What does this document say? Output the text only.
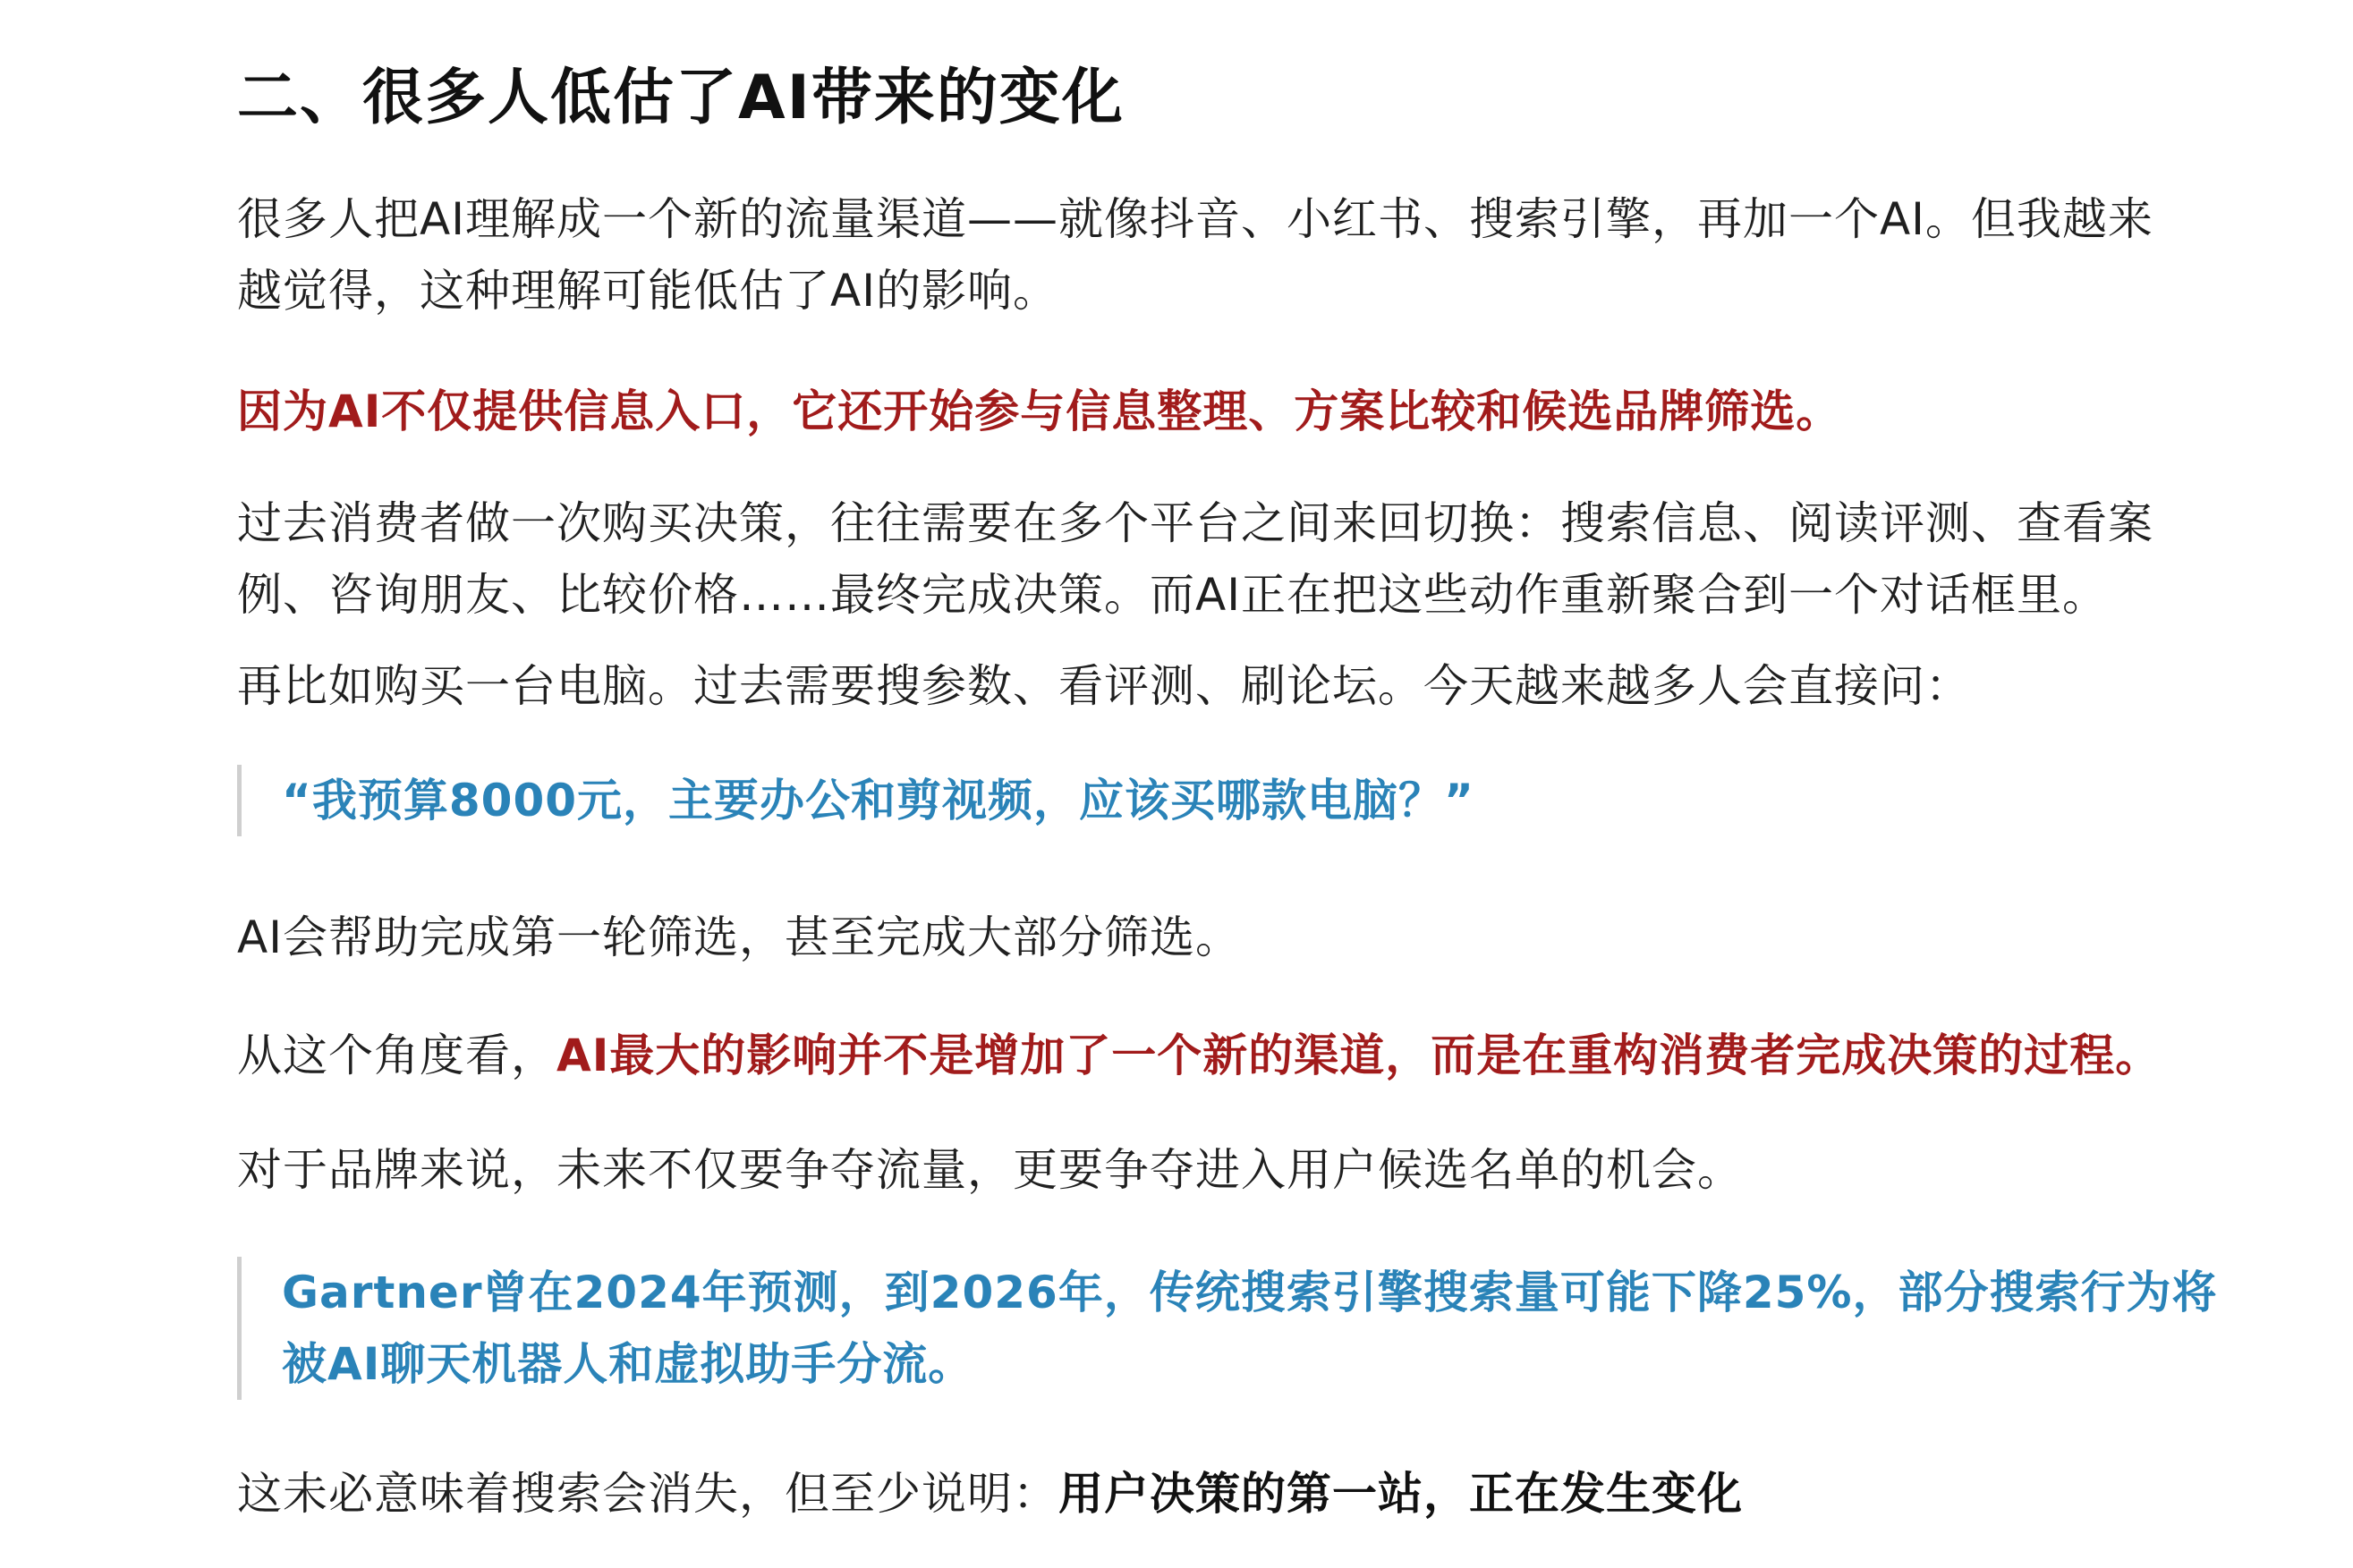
二、很多人低估了AI带来的变化
很多人把AI理解成一个新的流量渠道——就像抖音、小红书、搜索引擎，再加一个AI。但我越来
越觉得，这种理解可能低估了AI的影响。
因为AI不仅提供信息入口，它还开始参与信息整理、方案比较和候选品牌筛选。
过去消费者做一次购买决策，往往需要在多个平台之间来回切换：搜索信息、阅读评测、查看案
例、咨询朋友、比较价格……最终完成决策。而AI正在把这些动作重新聚合到一个对话框里。
再比如购买一台电脑。过去需要搜参数、看评测、刷论坛。今天越来越多人会直接问：
“我预算8000元，主要办公和剪视频，应该买哪款电脑？”
AI会帮助完成第一轮筛选，甚至完成大部分筛选。
从这个角度看，AI最大的影响并不是增加了一个新的渠道，而是在重构消费者完成决策的过程。
对于品牌来说，未来不仅要争夺流量，更要争夺进入用户候选名单的机会。
Gartner曾在2024年预测，到2026年，传统搜索引擎搜索量可能下降25%，部分搜索行为将
被AI聊天机器人和虚拟助手分流。
这未必意味着搜索会消失，但至少说明：用户决策的第一站，正在发生变化
